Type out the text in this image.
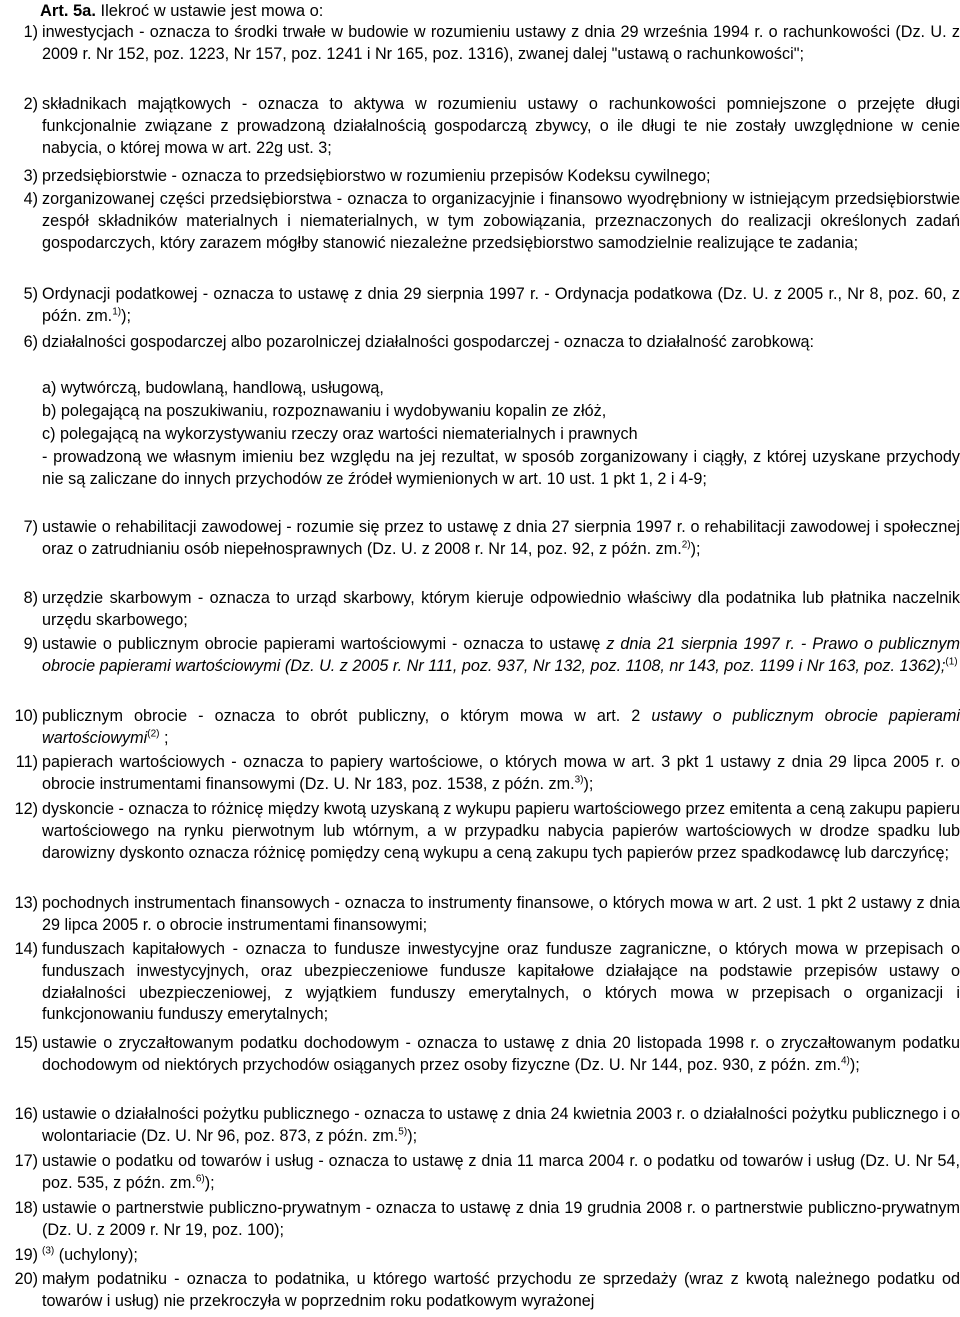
Art. 5a. Ilekroć w ustawie jest mowa o:
1) inwestycjach - oznacza to środki trwałe w budowie w rozumieniu ustawy z dnia 29 września 1994 r. o rachunkowości (Dz. U. z 2009 r. Nr 152, poz. 1223, Nr 157, poz. 1241 i Nr 165, poz. 1316), zwanej dalej "ustawą o rachunkowości";
2) składnikach majątkowych - oznacza to aktywa w rozumieniu ustawy o rachunkowości pomniejszone o przejęte długi funkcjonalnie związane z prowadzoną działalnością gospodarczą zbywcy, o ile długi te nie zostały uwzględnione w cenie nabycia, o której mowa w art. 22g ust. 3;
3) przedsiębiorstwie - oznacza to przedsiębiorstwo w rozumieniu przepisów Kodeksu cywilnego;
4) zorganizowanej części przedsiębiorstwa - oznacza to organizacyjnie i finansowo wyodrębniony w istniejącym przedsiębiorstwie zespół składników materialnych i niematerialnych, w tym zobowiązania, przeznaczonych do realizacji określonych zadań gospodarczych, który zarazem mógłby stanowić niezależne przedsiębiorstwo samodzielnie realizujące te zadania;
5) Ordynacji podatkowej - oznacza to ustawę z dnia 29 sierpnia 1997 r. - Ordynacja podatkowa (Dz. U. z 2005 r., Nr 8, poz. 60, z późn. zm.$^{1)}$);
6) działalności gospodarczej albo pozarolniczej działalności gospodarczej - oznacza to działalność zarobkową:
a) wytwórczą, budowlaną, handlową, usługową,
b) polegającą na poszukiwaniu, rozpoznawaniu i wydobywaniu kopalin ze złóż,
c) polegającą na wykorzystywaniu rzeczy oraz wartości niematerialnych i prawnych
- prowadzoną we własnym imieniu bez względu na jej rezultat, w sposób zorganizowany i ciągły, z której uzyskane przychody nie są zaliczane do innych przychodów ze źródeł wymienionych w art. 10 ust. 1 pkt 1, 2 i 4-9;
7) ustawie o rehabilitacji zawodowej - rozumie się przez to ustawę z dnia 27 sierpnia 1997 r. o rehabilitacji zawodowej i społecznej oraz o zatrudnianiu osób niepełnosprawnych (Dz. U. z 2008 r. Nr 14, poz. 92, z późn. zm.$^{2)}$);
8) urzędzie skarbowym - oznacza to urząd skarbowy, którym kieruje odpowiednio właściwy dla podatnika lub płatnika naczelnik urzędu skarbowego;
9) ustawie o publicznym obrocie papierami wartościowymi - oznacza to ustawę z dnia 21 sierpnia 1997 r. - Prawo o publicznym obrocie papierami wartościowymi (Dz. U. z 2005 r. Nr 111, poz. 937, Nr 132, poz. 1108, nr 143, poz. 1199 i Nr 163, poz. 1362);$^{(1)}$
10) publicznym obrocie - oznacza to obrót publiczny, o którym mowa w art. 2 ustawy o publicznym obrocie papierami wartościowymi$^{(2)}$ ;
11) papierach wartościowych - oznacza to papiery wartościowe, o których mowa w art. 3 pkt 1 ustawy z dnia 29 lipca 2005 r. o obrocie instrumentami finansowymi (Dz. U. Nr 183, poz. 1538, z późn. zm.$^{3)}$);
12) dyskoncie - oznacza to różnicę między kwotą uzyskaną z wykupu papieru wartościowego przez emitenta a ceną zakupu papieru wartościowego na rynku pierwotnym lub wtórnym, a w przypadku nabycia papierów wartościowych w drodze spadku lub darowizny dyskonto oznacza różnicę pomiędzy ceną wykupu a ceną zakupu tych papierów przez spadkodawcę lub darczyńcę;
13) pochodnych instrumentach finansowych - oznacza to instrumenty finansowe, o których mowa w art. 2 ust. 1 pkt 2 ustawy z dnia 29 lipca 2005 r. o obrocie instrumentami finansowymi;
14) funduszach kapitałowych - oznacza to fundusze inwestycyjne oraz fundusze zagraniczne, o których mowa w przepisach o funduszach inwestycyjnych, oraz ubezpieczeniowe fundusze kapitałowe działające na podstawie przepisów ustawy o działalności ubezpieczeniowej, z wyjątkiem funduszy emerytalnych, o których mowa w przepisach o organizacji i funkcjonowaniu funduszy emerytalnych;
15) ustawie o zryczałtowanym podatku dochodowym - oznacza to ustawę z dnia 20 listopada 1998 r. o zryczałtowanym podatku dochodowym od niektórych przychodów osiąganych przez osoby fizyczne (Dz. U. Nr 144, poz. 930, z późn. zm.$^{4)}$);
16) ustawie o działalności pożytku publicznego - oznacza to ustawę z dnia 24 kwietnia 2003 r. o działalności pożytku publicznego i o wolontariacie (Dz. U. Nr 96, poz. 873, z późn. zm.$^{5)}$);
17) ustawie o podatku od towarów i usług - oznacza to ustawę z dnia 11 marca 2004 r. o podatku od towarów i usług (Dz. U. Nr 54, poz. 535, z późn. zm.$^{6)}$);
18) ustawie o partnerstwie publiczno-prywatnym - oznacza to ustawę z dnia 19 grudnia 2008 r. o partnerstwie publiczno-prywatnym (Dz. U. z 2009 r. Nr 19, poz. 100);
19) $^{(3)}$ (uchylony);
20) małym podatniku - oznacza to podatnika, u którego wartość przychodu ze sprzedaży (wraz z kwotą należnego podatku od towarów i usług) nie przekroczyła w poprzednim roku podatkowym wyrażonej
